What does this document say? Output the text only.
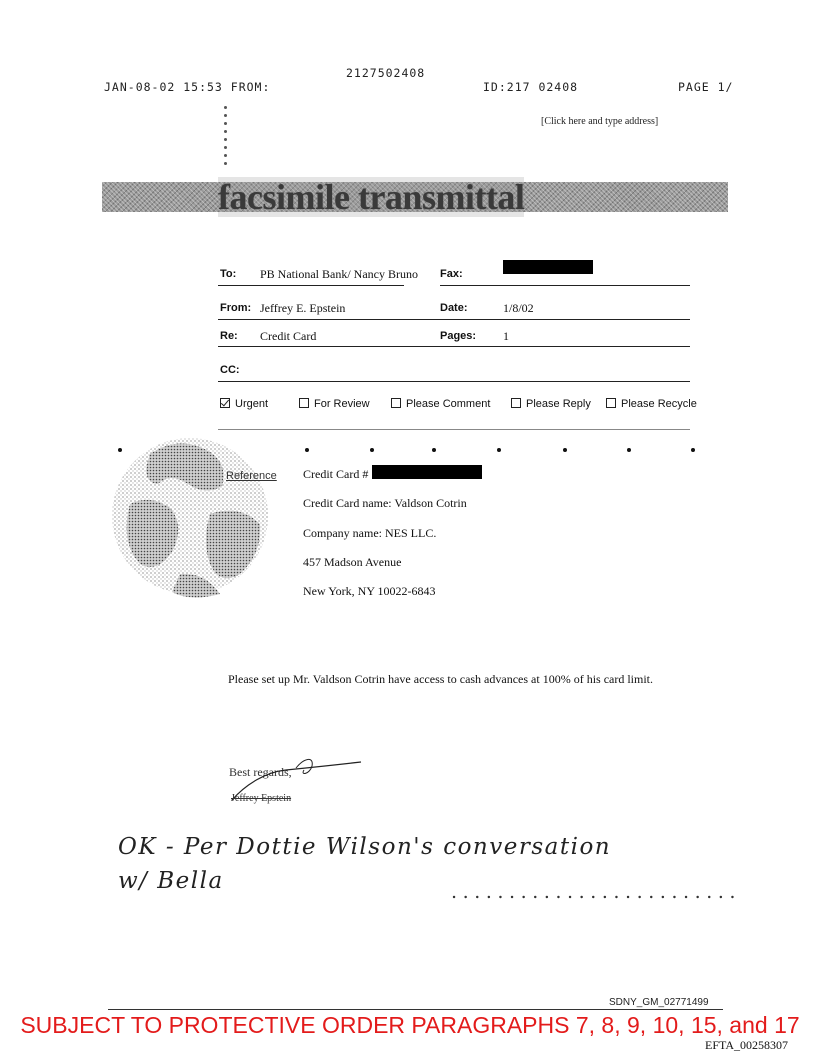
2127502408
JAN-08-02 15:53 FROM:	ID:217 02408	PAGE 1/
[Click here and type address]
facsimile transmittal
To: PB National Bank/ Nancy Bruno Fax:
From: Jeffrey E. Epstein	Date:	1/8/02
Re: Credit Card	Pages: 1
CC:
Urgent	For Review	Please Comment	Please Reply	Please Recycle
Reference Credit Card #
Credit Card name: Valdson Cotrin
Company name: NES LLC.
457 Madson Avenue
New York, NY 10022-6843
Please set up Mr. Valdson Cotrin have access to cash advances at 100% of his card limit.
Best regards,
Jeffrey Epstein
OK - Per Dottie Wilson's conversation
w/ Bella
SDNY_GM_02771499
SUBJECT TO PROTECTIVE ORDER PARAGRAPHS 7, 8, 9, 10, 15, and 17
EFTA_00258307
